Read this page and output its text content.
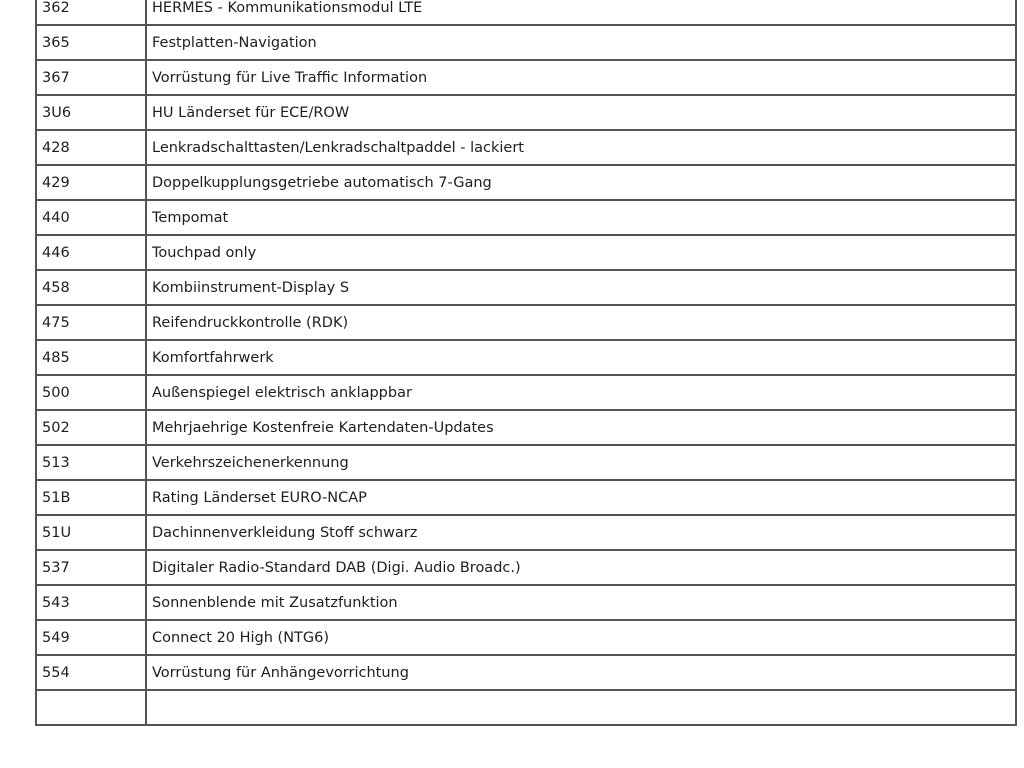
362	HERMES - Kommunikationsmodul LTE
365	Festplatten-Navigation
367	Vorrüstung für Live Traffic Information
3U6	HU Länderset für ECE/ROW
428	Lenkradschalttasten/Lenkradschaltpaddel - lackiert
429	Doppelkupplungsgetriebe automatisch 7-Gang
440	Tempomat
446	Touchpad only
458	Kombiinstrument-Display S
475	Reifendruckkontrolle (RDK)
485	Komfortfahrwerk
500	Außenspiegel elektrisch anklappbar
502	Mehrjaehrige Kostenfreie Kartendaten-Updates
513	Verkehrszeichenerkennung
51B	Rating Länderset EURO-NCAP
51U	Dachinnenverkleidung Stoff schwarz
537	Digitaler Radio-Standard DAB (Digi. Audio Broadc.)
543	Sonnenblende mit Zusatzfunktion
549	Connect 20 High (NTG6)
554	Vorrüstung für Anhängevorrichtung
